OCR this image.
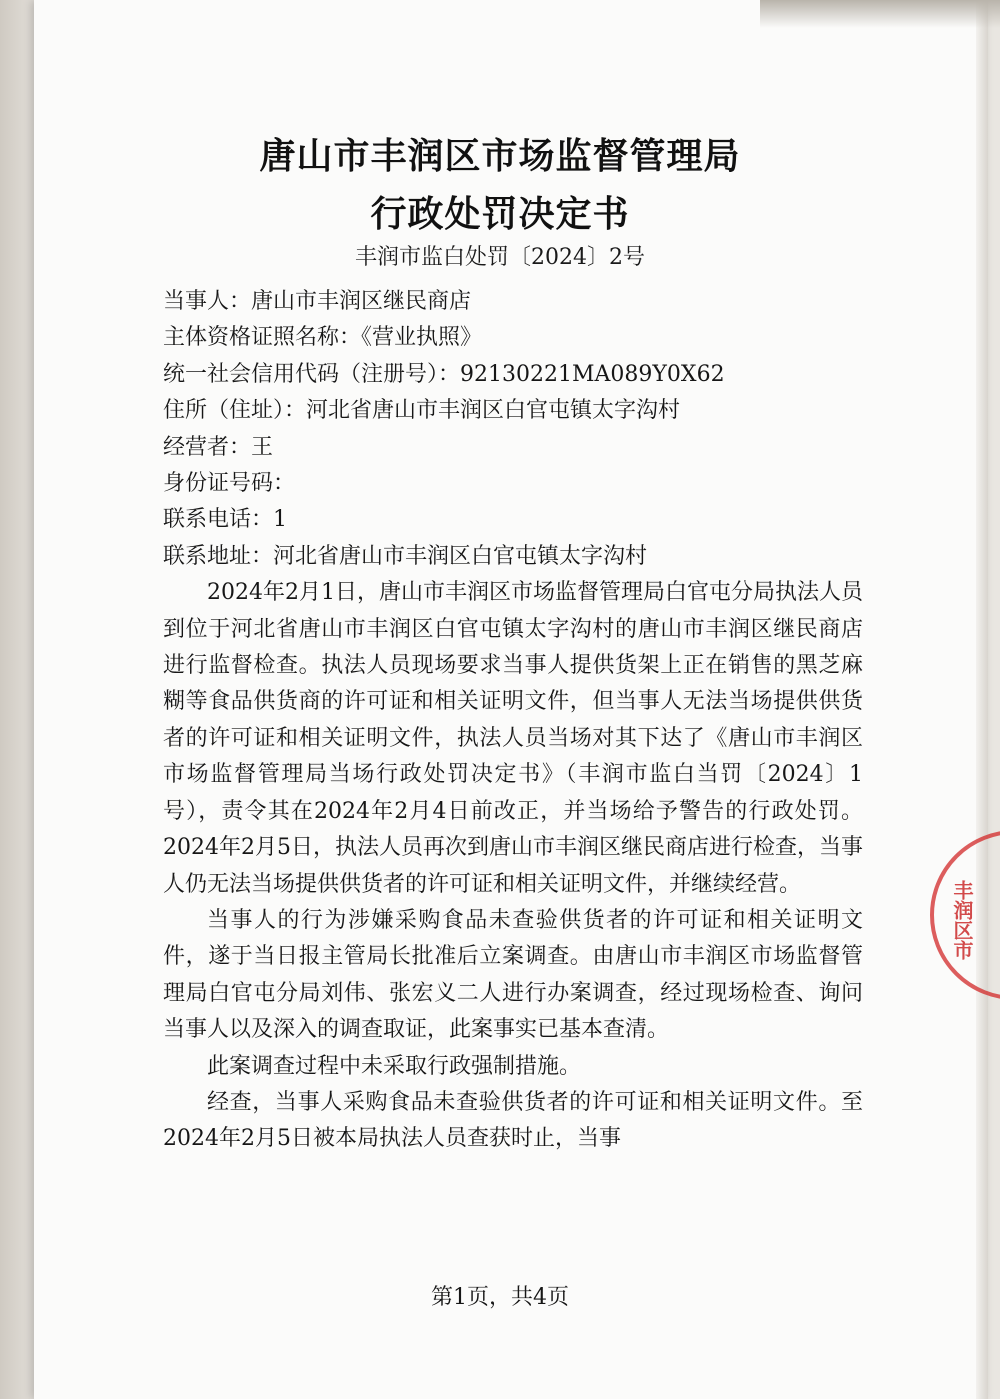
唐山市丰润区市场监督管理局
行政处罚决定书
丰润市监白处罚〔2024〕2号
当事人：唐山市丰润区继民商店
主体资格证照名称：《营业执照》
统一社会信用代码（注册号）：92130221MA089Y0X62
住所（住址）：河北省唐山市丰润区白官屯镇太字沟村
经营者：王
身份证号码：
联系电话：1
联系地址：河北省唐山市丰润区白官屯镇太字沟村

2024年2月1日，唐山市丰润区市场监督管理局白官屯分局执法人员到位于河北省唐山市丰润区白官屯镇太字沟村的唐山市丰润区继民商店进行监督检查。执法人员现场要求当事人提供货架上正在销售的黑芝麻糊等食品供货商的许可证和相关证明文件，但当事人无法当场提供供货者的许可证和相关证明文件，执法人员当场对其下达了《唐山市丰润区市场监督管理局当场行政处罚决定书》（丰润市监白当罚〔2024〕1号），责令其在2024年2月4日前改正，并当场给予警告的行政处罚。2024年2月5日，执法人员再次到唐山市丰润区继民商店进行检查，当事人仍无法当场提供供货者的许可证和相关证明文件，并继续经营。

当事人的行为涉嫌采购食品未查验供货者的许可证和相关证明文件，遂于当日报主管局长批准后立案调查。由唐山市丰润区市场监督管理局白官屯分局刘伟、张宏义二人进行办案调查，经过现场检查、询问当事人以及深入的调查取证，此案事实已基本查清。

此案调查过程中未采取行政强制措施。

经查，当事人采购食品未查验供货者的许可证和相关证明文件。至2024年2月5日被本局执法人员查获时止，当事

第1页，共4页
丰润区市
